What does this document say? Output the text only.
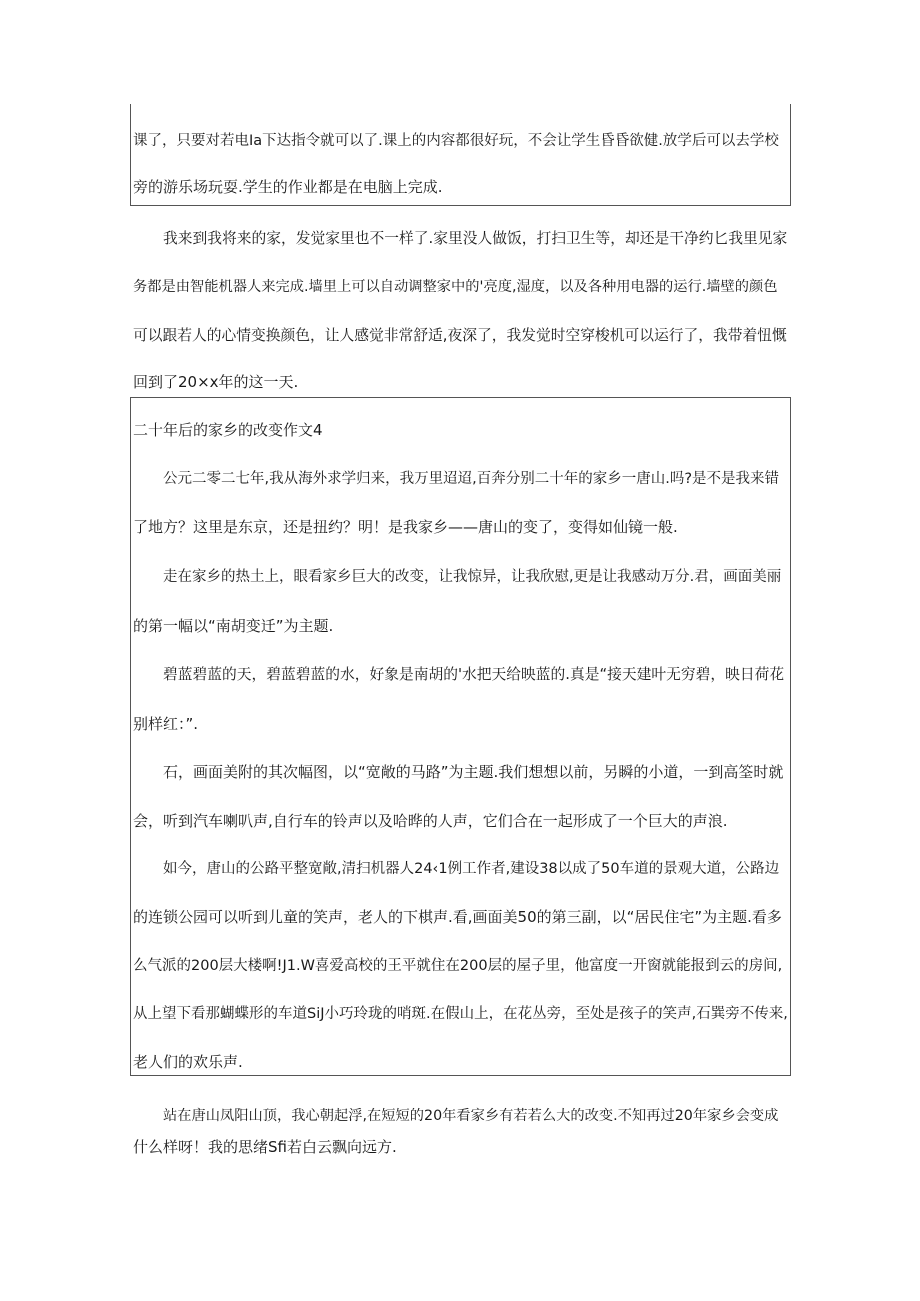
课了，只要对若电Ia下达指令就可以了.课上的内容都很好玩，不会让学生昏昏欲健.放学后可以去学校
旁的游乐场玩耍.学生的作业都是在电脑上完成.
我来到我将来的家，发觉家里也不一样了.家里没人做饭，打扫卫生等，却还是干净约匕我里见家
务都是由智能机器人来完成.墙里上可以自动调整家中的'亮度,湿度，以及各种用电器的运行.墙壁的颜色
可以跟若人的心情变换颜色，让人感觉非常舒适,夜深了，我发觉时空穿梭机可以运行了，我带着忸慨
回到了20×x年的这一天.
二十年后的家乡的改变作文4
公元二零二七年,我从海外求学归来，我万里迢迢,百奔分别二十年的家乡一唐山.吗?是不是我来错
了地方？这里是东京，还是扭约？明！是我家乡——唐山的变了，变得如仙镜一般.
走在家乡的热土上，眼看家乡巨大的改变，让我惊异，让我欣慰,更是让我感动万分.君，画面美丽
的第一幅以“南胡变迁”为主题.
碧蓝碧蓝的天，碧蓝碧蓝的水，好象是南胡的'水把天给映蓝的.真是“接天建叶无穷碧，映日荷花
别样红：”.
石，画面美附的其次幅图，以“宽敞的马路”为主题.我们想想以前，另瞬的小道，一到高筌时就
会，听到汽车喇叭声,自行车的铃声以及哈晔的人声，它们合在一起形成了一个巨大的声浪.
如今，唐山的公路平整宽敞,清扫机器人24‹1例工作者,建设38以成了50车道的景观大道，公路边
的连锁公园可以听到儿童的笑声，老人的下棋声.看,画面美50的第三副，以“居民住宅”为主题.看多
么气派的200层大楼啊!J1.W喜爱高校的王平就住在200层的屋子里，他富度一开窗就能报到云的房间,
从上望下看那蝴蝶形的车道SiJ小巧玲珑的哨斑.在假山上，在花丛旁，至处是孩子的笑声,石巽旁不传来,
老人们的欢乐声.
站在唐山凤阳山顶，我心朝起浮,在短短的20年看家乡有若若么大的改变.不知再过20年家乡会变成
什么样呀！我的思绪Sfi若白云飘向远方.
